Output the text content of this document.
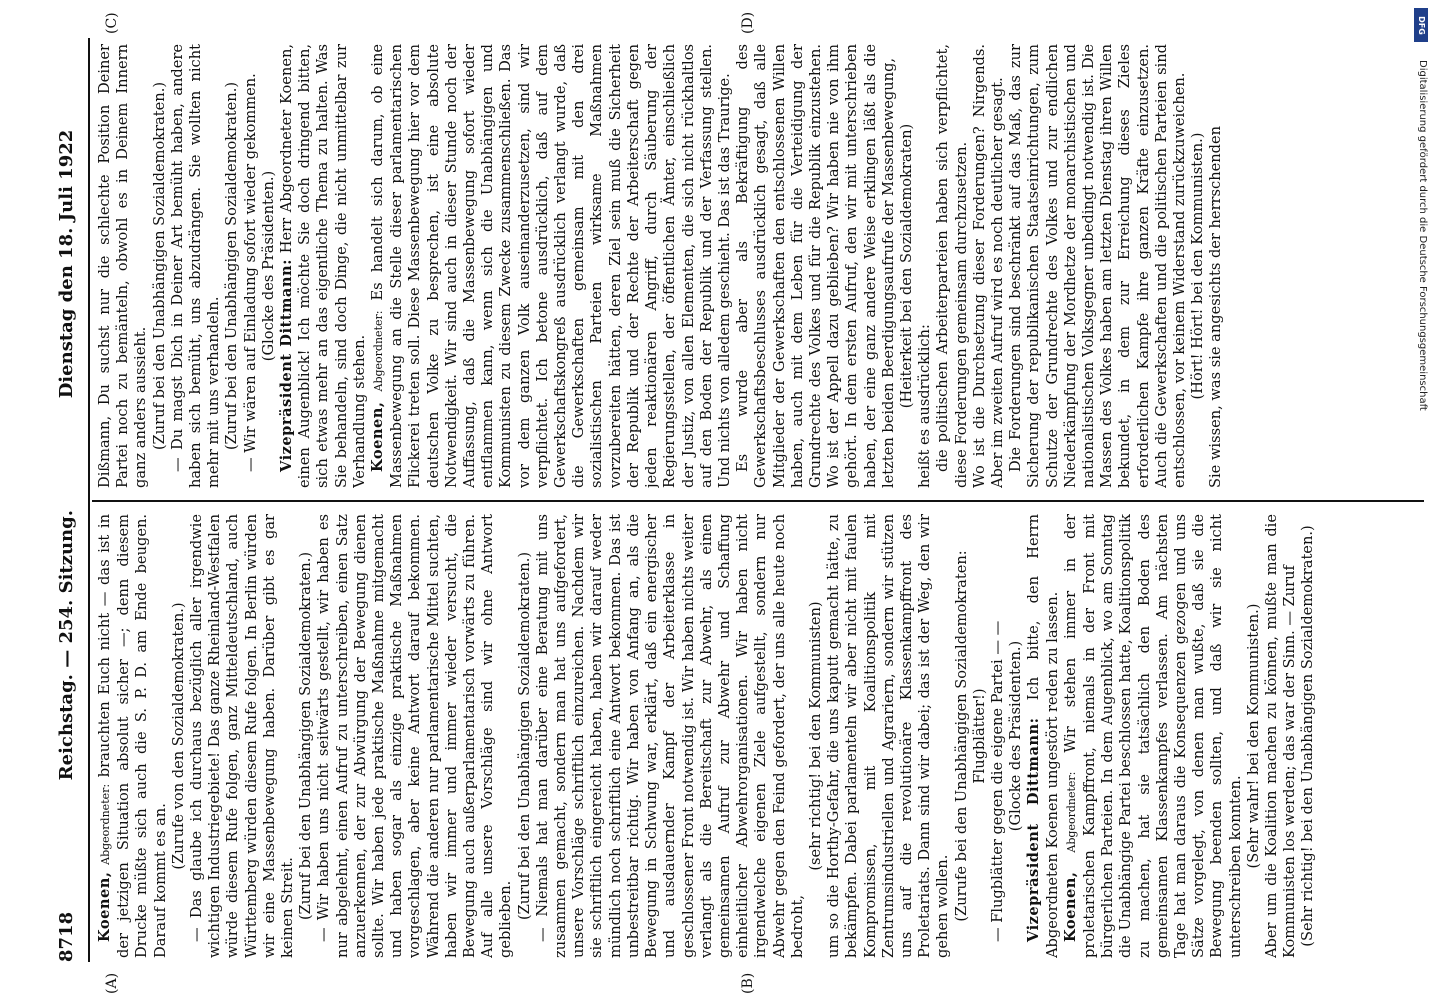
8718
Reichstag. — 254. Sitzung.
Dienstag den 18. Juli 1922
(A)	(B)
(C)	(D)

Koenen, Abgeordneter: brauchten Euch nicht — das ist in der jetzigen Situation absolut sicher —; denn diesem Drucke müßte sich auch die S. P. D. am Ende beugen. Darauf kommt es an.

(Zurufe von den Sozialdemokraten.) — Das glaube ich durchaus bezüglich aller irgendwie wichtigen Industriegebiete! Das ganze Rheinland-Westfalen würde diesem Rufe folgen, ganz Mitteldeutschland, auch Württemberg würden diesem Rufe folgen. In Berlin würden wir eine Massenbewegung haben. Darüber gibt es gar keinen Streit. (Zuruf bei den Unabhängigen Sozialdemokraten.) — Wir haben uns nicht seitwärts gestellt, wir haben es nur abgelehnt, einen Aufruf zu unterschreiben, einen Satz anzuerkennen, der zur Abwürgung der Bewegung dienen sollte. Wir haben jede praktische Maßnahme mitgemacht und haben sogar als einzige praktische Maßnahmen vorgeschlagen, aber keine Antwort darauf bekommen. Während die anderen nur parlamentarische Mittel suchten, haben wir immer und immer wieder versucht, die Bewegung auch außerparlamentarisch vorwärts zu führen. Auf alle unsere Vorschläge sind wir ohne Antwort geblieben. (Zuruf bei den Unabhängigen Sozialdemokraten.) — Niemals hat man darüber eine Beratung mit uns zusammen gemacht, sondern man hat uns aufgefordert, unsere Vorschläge schriftlich einzureichen. Nachdem wir sie schriftlich eingereicht haben, haben wir darauf weder mündlich noch schriftlich eine Antwort bekommen. Das ist unbestreitbar richtig. Wir haben von Anfang an, als die Bewegung in Schwung war, erklärt, daß ein energischer und ausdauernder Kampf der Arbeiterklasse in geschlossener Front notwendig ist. Wir haben nichts weiter verlangt als die Bereitschaft zur Abwehr, als einen gemeinsamen Aufruf zur Abwehr und Schaffung einheitlicher Abwehrorganisationen. Wir haben nicht irgendwelche eigenen Ziele aufgestellt, sondern nur Abwehr gegen den Feind gefordert, der uns alle heute noch bedroht,

(sehr richtig! bei den Kommunisten) um so die Horthy-Gefahr, die uns kaputt gemacht hätte, zu bekämpfen. Dabei parlamenteln wir aber nicht mit faulen Kompromissen, mit Koalitionspolitik mit Zentrumsindustriellen und Agrariern, sondern wir stützen uns auf die revolutionäre Klassenkampffront des Proletariats. Dann sind wir dabei; das ist der Weg, den wir gehen wollen. (Zurufe bei den Unabhängigen Sozialdemokraten: Flugblätter!) — Flugblätter gegen die eigene Partei — — (Glocke des Präsidenten.) Vizepräsident Dittmann: Ich bitte, den Herrn Abgeordneten Koenen ungestört reden zu lassen. Koenen, Abgeordneter: Wir stehen immer in der proletarischen Kampffront, niemals in der Front mit bürgerlichen Parteien. In dem Augenblick, wo am Sonntag die Unabhängige Partei beschlossen hatte, Koalitionspolitik zu machen, hat sie tatsächlich den Boden des gemeinsamen Klassenkampfes verlassen. Am nächsten Tage hat man daraus die Konsequenzen gezogen und uns Sätze vorgelegt, von denen man wußte, daß sie die Bewegung beenden sollten, und daß wir sie nicht unterschreiben konnten. (Sehr wahr! bei den Kommunisten.) Aber um die Koalition machen zu können, mußte man die Kommunisten los werden; das war der Sinn. — Zuruf (Sehr richtig! bei den Unabhängigen Sozialdemokraten.)

Dißmann, Du suchst nur die schlechte Position Deiner Partei noch zu bemänteln, obwohl es in Deinem Innern ganz anders aussieht. (Zuruf bei den Unabhängigen Sozialdemokraten.) — Du magst Dich in Deiner Art bemüht haben, andere haben sich bemüht, uns abzudrängen. Sie wollten nicht mehr mit uns verhandeln. (Zuruf bei den Unabhängigen Sozialdemokraten.) — Wir wären auf Einladung sofort wieder gekommen. (Glocke des Präsidenten.) Vizepräsident Dittmann: Herr Abgeordneter Koenen, einen Augenblick! Ich möchte Sie doch dringend bitten, sich etwas mehr an das eigentliche Thema zu halten. Was Sie behandeln, sind doch Dinge, die nicht unmittelbar zur Verhandlung stehen. Koenen, Abgeordneter: Es handelt sich darum, ob eine Massenbewegung an die Stelle dieser parlamentarischen Flickerei treten soll. Diese Massenbewegung hier vor dem deutschen Volke zu besprechen, ist eine absolute Notwendigkeit. Wir sind auch in dieser Stunde noch der Auffassung, daß die Massenbewegung sofort wieder entflammen kann, wenn sich die Unabhängigen und Kommunisten zu diesem Zwecke zusammenschließen. Das vor dem ganzen Volk auseinanderzusetzen, sind wir verpflichtet. Ich betone ausdrücklich, daß auf dem Gewerkschaftskongreß ausdrücklich verlangt wurde, daß die Gewerkschaften gemeinsam mit den drei sozialistischen Parteien wirksame Maßnahmen vorzubereiten hätten, deren Ziel sein muß die Sicherheit der Republik und der Rechte der Arbeiterschaft gegen jeden reaktionären Angriff, durch Säuberung der Regierungsstellen, der öffentlichen Ämter, einschließlich der Justiz, von allen Elementen, die sich nicht rückhaltlos auf den Boden der Republik und der Verfassung stellen. Und nichts von alledem geschieht. Das ist das Traurige. Es wurde aber als Bekräftigung des Gewerkschaftsbeschlusses ausdrücklich gesagt, daß alle Mitglieder der Gewerkschaften den entschlossenen Willen haben, auch mit dem Leben für die Verteidigung der Grundrechte des Volkes und für die Republik einzustehen. Wo ist der Appell dazu geblieben? Wir haben nie von ihm gehört. In dem ersten Aufruf, den wir mit unterschrieben haben, der eine ganz andere Weise erklingen läßt als die letzten beiden Beerdigungsaufrufe der Massenbewegung, (Heiterkeit bei den Sozialdemokraten) heißt es ausdrücklich: die politischen Arbeiterparteien haben sich verpflichtet, diese Forderungen gemeinsam durchzusetzen. Wo ist die Durchsetzung dieser Forderungen? Nirgends. Aber im zweiten Aufruf wird es noch deutlicher gesagt. Die Forderungen sind beschränkt auf das Maß, das zur Sicherung der republikanischen Staatseinrichtungen, zum Schutze der Grundrechte des Volkes und zur endlichen Niederkämpfung der Mordhetze der monarchistischen und nationalistischen Volksgegner unbedingt notwendig ist. Die Massen des Volkes haben am letzten Dienstag ihren Willen bekundet, in dem zur Erreichung dieses Zieles erforderlichen Kampfe ihre ganzen Kräfte einzusetzen. Auch die Gewerkschaften und die politischen Parteien sind entschlossen, vor keinem Widerstand zurückzuweichen. (Hört! Hört! bei den Kommunisten.) Sie wissen, was sie angesichts der herrschenden

DFG
Digitalisierung gefördert durch die Deutsche Forschungsgemeinschaft
